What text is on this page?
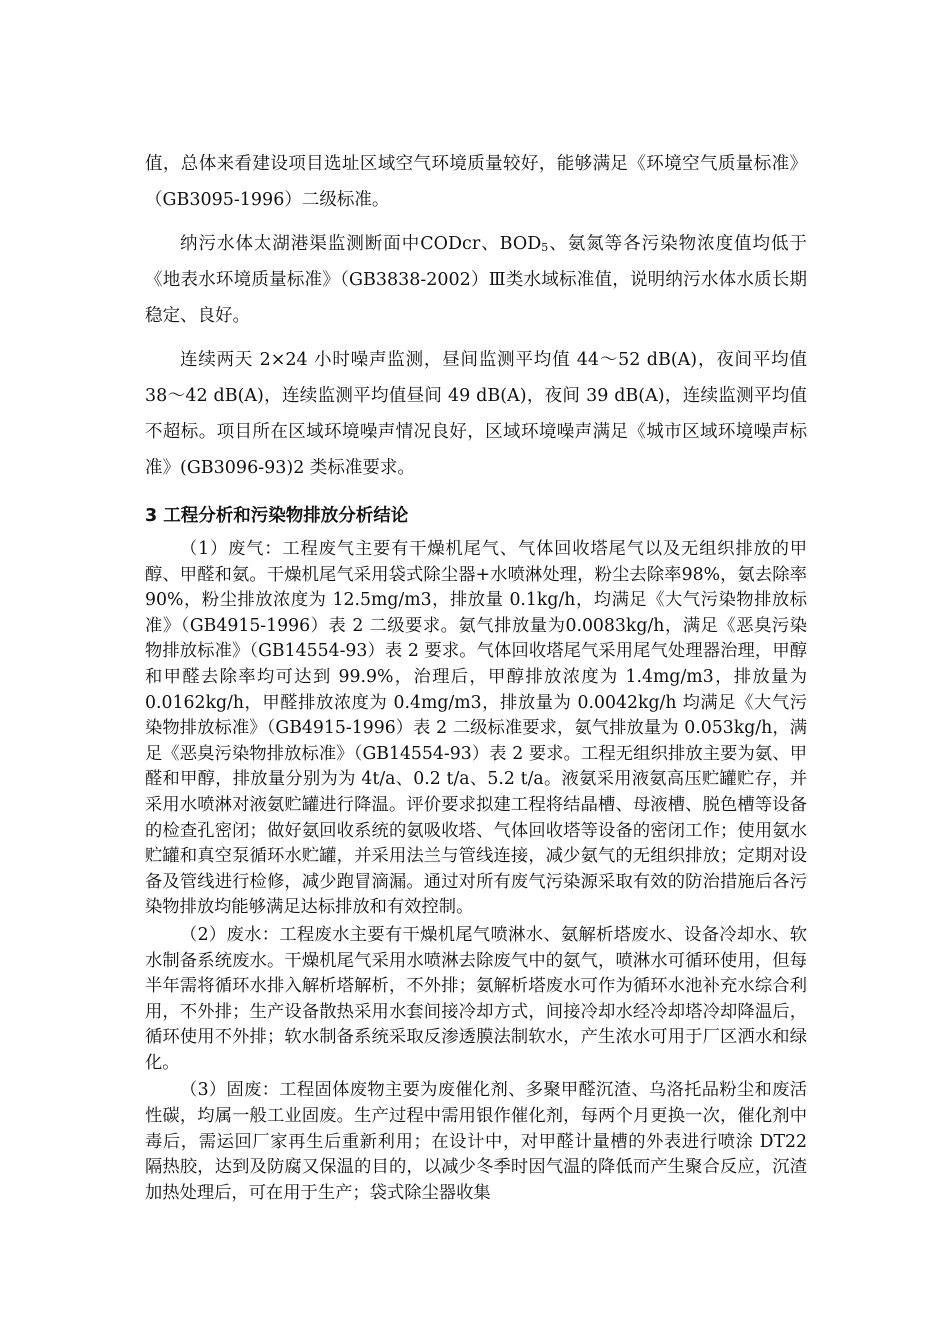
值，总体来看建设项目选址区域空气环境质量较好，能够满足《环境空气质量标准》（GB3095-1996）二级标准。

纳污水体太湖港渠监测断面中CODcr、$BOD_5$、氨氮等各污染物浓度值均低于《地表水环境质量标准》（GB3838-2002）Ⅲ类水域标准值，说明纳污水体水质长期稳定、良好。

连续两天 2×24 小时噪声监测，昼间监测平均值 44～52 dB(A)，夜间平均值 38～42 dB(A)，连续监测平均值昼间 49 dB(A)，夜间 39 dB(A)，连续监测平均值不超标。项目所在区域环境噪声情况良好，区域环境噪声满足《城市区域环境噪声标准》(GB3096-93)2 类标准要求。

3 工程分析和污染物排放分析结论

（1）废气：工程废气主要有干燥机尾气、气体回收塔尾气以及无组织排放的甲醇、甲醛和氨。干燥机尾气采用袋式除尘器+水喷淋处理，粉尘去除率98%，氨去除率 90%，粉尘排放浓度为 12.5mg/m3，排放量 0.1kg/h，均满足《大气污染物排放标准》（GB4915-1996）表 2 二级要求。氨气排放量为0.0083kg/h，满足《恶臭污染物排放标准》（GB14554-93）表 2 要求。气体回收塔尾气采用尾气处理器治理，甲醇和甲醛去除率均可达到 99.9%，治理后，甲醇排放浓度为 1.4mg/m3，排放量为 0.0162kg/h，甲醛排放浓度为 0.4mg/m3，排放量为 0.0042kg/h 均满足《大气污染物排放标准》（GB4915-1996）表 2 二级标准要求，氨气排放量为 0.053kg/h，满足《恶臭污染物排放标准》（GB14554-93）表 2 要求。工程无组织排放主要为氨、甲醛和甲醇，排放量分别为为 4t/a、0.2 t/a、5.2 t/a。液氨采用液氨高压贮罐贮存，并采用水喷淋对液氨贮罐进行降温。评价要求拟建工程将结晶槽、母液槽、脱色槽等设备的检查孔密闭；做好氨回收系统的氨吸收塔、气体回收塔等设备的密闭工作；使用氨水贮罐和真空泵循环水贮罐，并采用法兰与管线连接，减少氨气的无组织排放；定期对设备及管线进行检修，减少跑冒滴漏。通过对所有废气污染源采取有效的防治措施后各污染物排放均能够满足达标排放和有效控制。

（2）废水：工程废水主要有干燥机尾气喷淋水、氨解析塔废水、设备冷却水、软水制备系统废水。干燥机尾气采用水喷淋去除废气中的氨气，喷淋水可循环使用，但每半年需将循环水排入解析塔解析，不外排；氨解析塔废水可作为循环水池补充水综合利用，不外排；生产设备散热采用水套间接冷却方式，间接冷却水经冷却塔冷却降温后，循环使用不外排；软水制备系统采取反渗透膜法制软水，产生浓水可用于厂区洒水和绿化。

（3）固废：工程固体废物主要为废催化剂、多聚甲醛沉渣、乌洛托品粉尘和废活性碳，均属一般工业固废。生产过程中需用银作催化剂，每两个月更换一次，催化剂中毒后，需运回厂家再生后重新利用；在设计中，对甲醛计量槽的外表进行喷涂 DT22 隔热胶，达到及防腐又保温的目的，以减少冬季时因气温的降低而产生聚合反应，沉渣加热处理后，可在用于生产；袋式除尘器收集
